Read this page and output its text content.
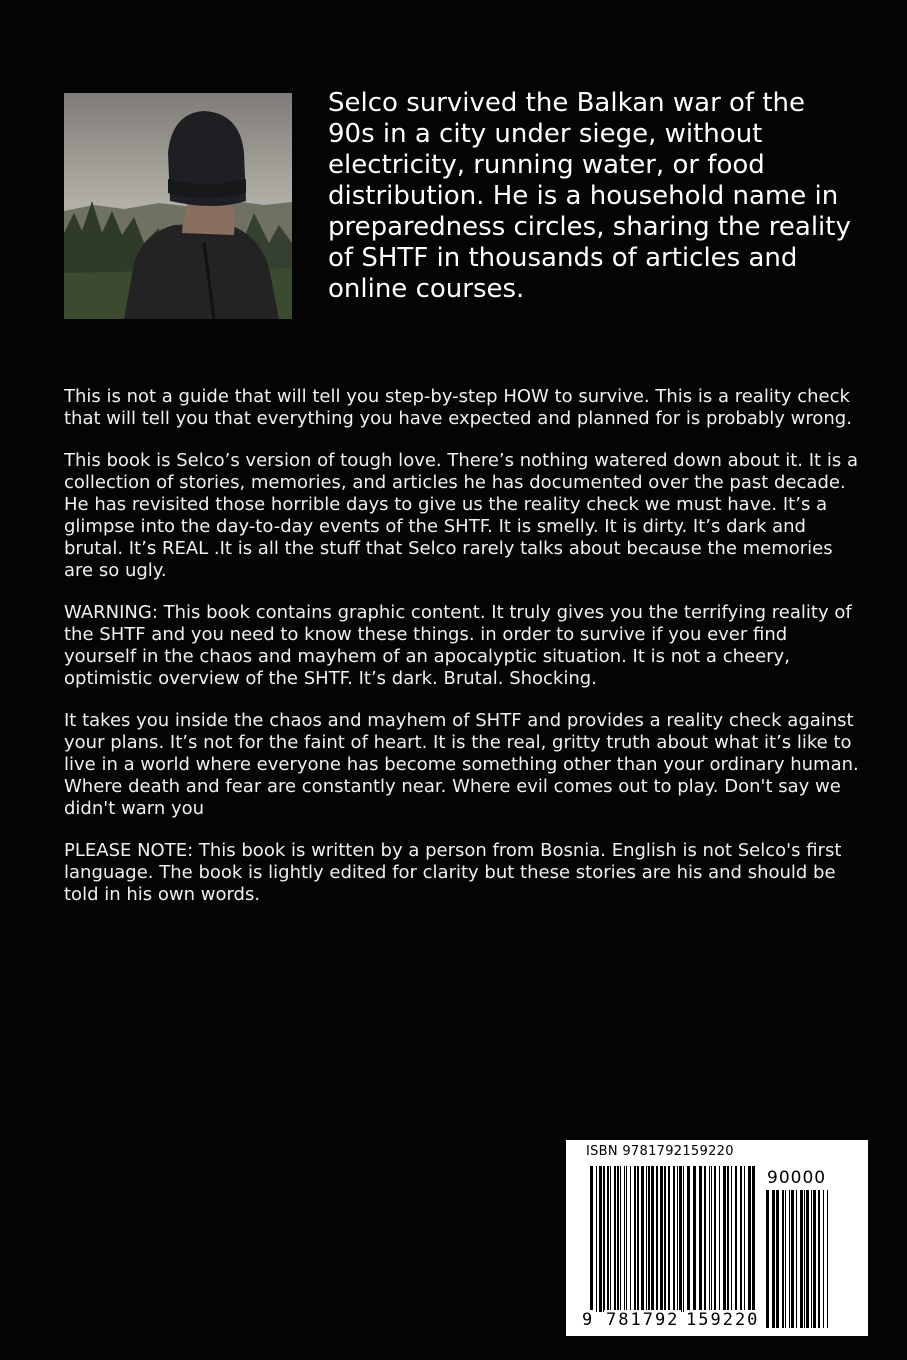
Selco survived the Balkan war of the 90s in a city under siege, without electricity, running water, or food distribution. He is a household name in preparedness circles, sharing the reality of SHTF in thousands of articles and online courses.

This is not a guide that will tell you step-by-step HOW to survive. This is a reality check that will tell you that everything you have expected and planned for is probably wrong.

This book is Selco’s version of tough love. There’s nothing watered down about it. It is a collection of stories, memories, and articles he has documented over the past decade. He has revisited those horrible days to give us the reality check we must have. It’s a glimpse into the day-to-day events of the SHTF. It is smelly. It is dirty. It’s dark and brutal. It’s REAL .It is all the stuff that Selco rarely talks about because the memories are so ugly.

WARNING: This book contains graphic content. It truly gives you the terrifying reality of the SHTF and you need to know these things. in order to survive if you ever find yourself in the chaos and mayhem of an apocalyptic situation. It is not a cheery, optimistic overview of the SHTF. It’s dark. Brutal. Shocking.

It takes you inside the chaos and mayhem of SHTF and provides a reality check against your plans. It’s not for the faint of heart. It is the real, gritty truth about what it’s like to live in a world where everyone has become something other than your ordinary human. Where death and fear are constantly near. Where evil comes out to play. Don't say we didn't warn you

PLEASE NOTE: This book is written by a person from Bosnia. English is not Selco's first language. The book is lightly edited for clarity but these stories are his and should be told in his own words.

ISBN 9781792159220
90000
9 781792 159220
